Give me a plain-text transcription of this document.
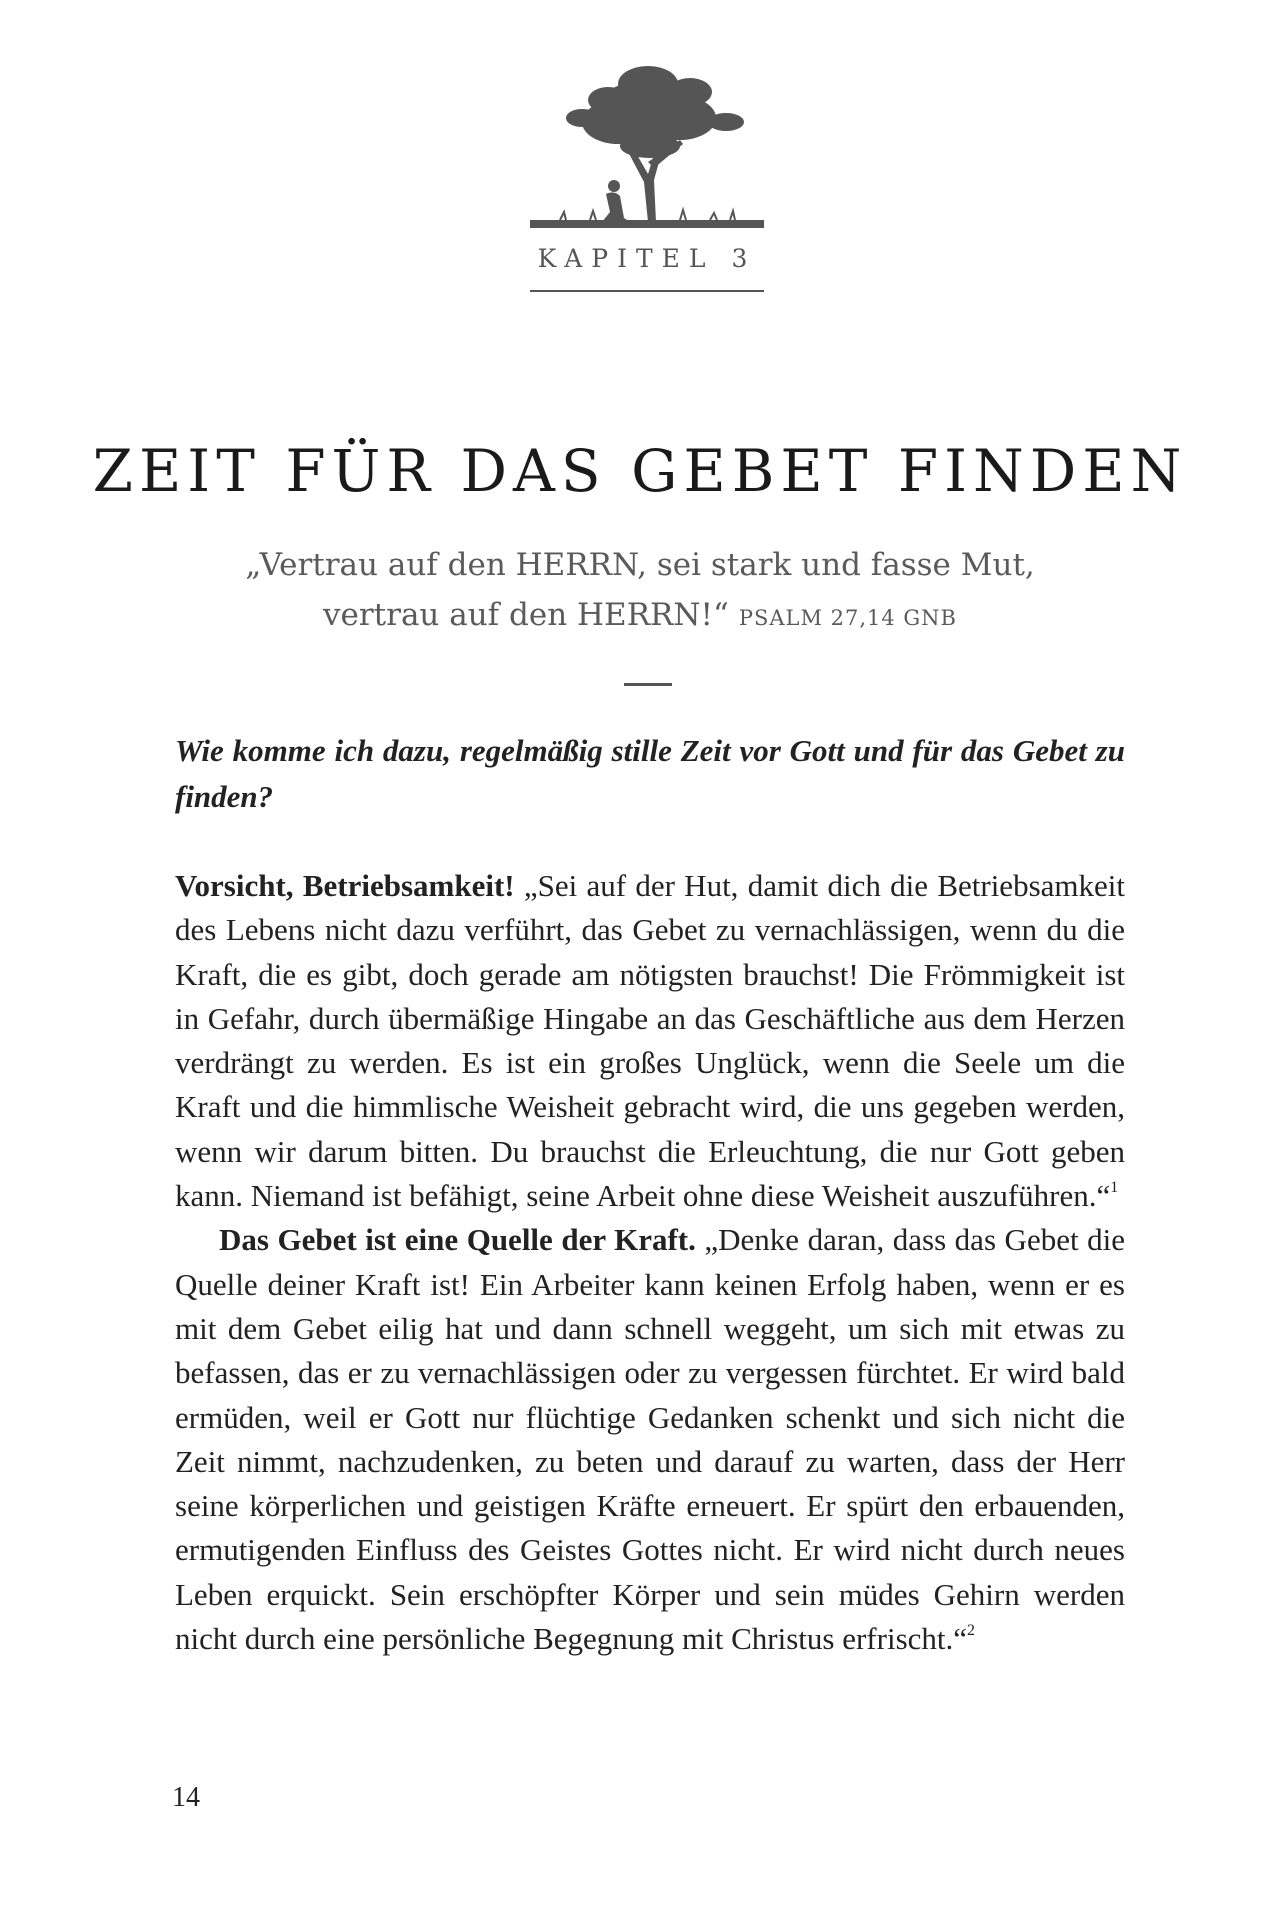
KAPITEL 3
ZEIT FÜR DAS GEBET FINDEN
„Vertrau auf den HERRN, sei stark und fasse Mut,
vertrau auf den HERRN!“ PSALM 27,14 GNB
Wie komme ich dazu, regelmäßig stille Zeit vor Gott und für das Gebet zu finden?

Vorsicht, Betriebsamkeit! „Sei auf der Hut, damit dich die Betriebsamkeit des Lebens nicht dazu verführt, das Gebet zu vernachlässigen, wenn du die Kraft, die es gibt, doch gerade am nötigsten brauchst! Die Frömmigkeit ist in Gefahr, durch übermäßige Hingabe an das Geschäftliche aus dem Herzen verdrängt zu werden. Es ist ein großes Unglück, wenn die Seele um die Kraft und die himmlische Weisheit gebracht wird, die uns gegeben werden, wenn wir darum bitten. Du brauchst die Erleuchtung, die nur Gott geben kann. Niemand ist befähigt, seine Arbeit ohne diese Weisheit auszuführen.“$^1$

Das Gebet ist eine Quelle der Kraft. „Denke daran, dass das Gebet die Quelle deiner Kraft ist! Ein Arbeiter kann keinen Erfolg haben, wenn er es mit dem Gebet eilig hat und dann schnell weggeht, um sich mit etwas zu befassen, das er zu vernachlässigen oder zu vergessen fürchtet. Er wird bald ermüden, weil er Gott nur flüchtige Gedanken schenkt und sich nicht die Zeit nimmt, nachzudenken, zu beten und darauf zu warten, dass der Herr seine körperlichen und geistigen Kräfte erneuert. Er spürt den erbauenden, ermutigenden Einfluss des Geistes Gottes nicht. Er wird nicht durch neues Leben erquickt. Sein erschöpfter Körper und sein müdes Gehirn werden nicht durch eine persönliche Begegnung mit Christus erfrischt.“$^2$

14
